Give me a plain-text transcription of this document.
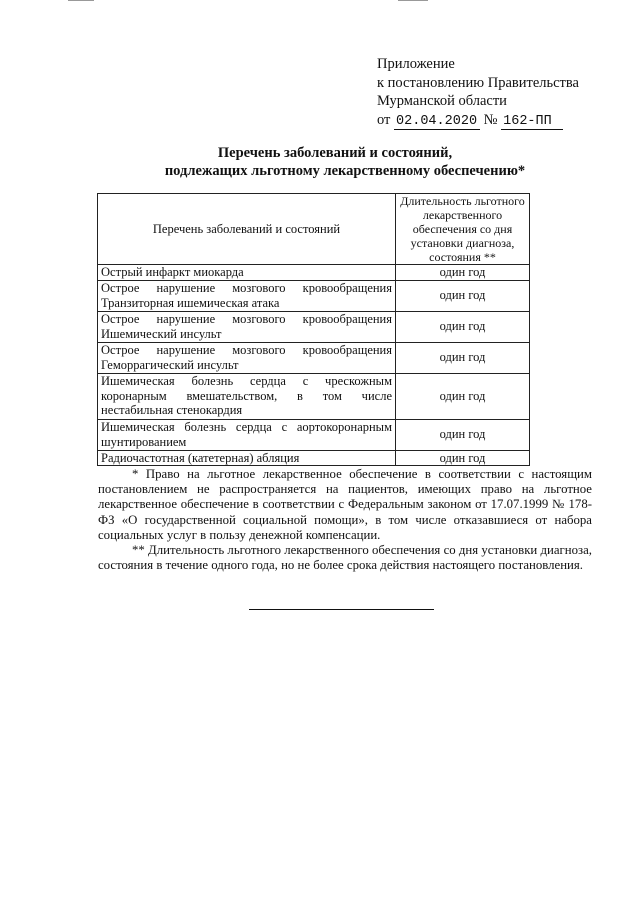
Приложение
к постановлению Правительства
Мурманской области
от 02.04.2020 № 162-ПП
Перечень заболеваний и состояний,
подлежащих льготному лекарственному обеспечению*
Перечень заболеваний и состояний	Длительность льготного лекарственного обеспечения со дня установки диагноза, состояния **
Острый инфаркт миокарда	один год
Острое нарушение мозгового кровообращения Транзиторная ишемическая атака	один год
Острое нарушение мозгового кровообращения Ишемический инсульт	один год
Острое нарушение мозгового кровообращения Геморрагический инсульт	один год
Ишемическая болезнь сердца с чрескожным коронарным вмешательством, в том числе нестабильная стенокардия	один год
Ишемическая болезнь сердца с аортокоронарным шунтированием	один год
Радиочастотная (катетерная) абляция	один год

* Право на льготное лекарственное обеспечение в соответствии с настоящим постановлением не распространяется на пациентов, имеющих право на льготное лекарственное обеспечение в соответствии с Федеральным законом от 17.07.1999 № 178-ФЗ «О государственной социальной помощи», в том числе отказавшиеся от набора социальных услуг в пользу денежной компенсации.

** Длительность льготного лекарственного обеспечения со дня установки диагноза, состояния в течение одного года, но не более срока действия настоящего постановления.
